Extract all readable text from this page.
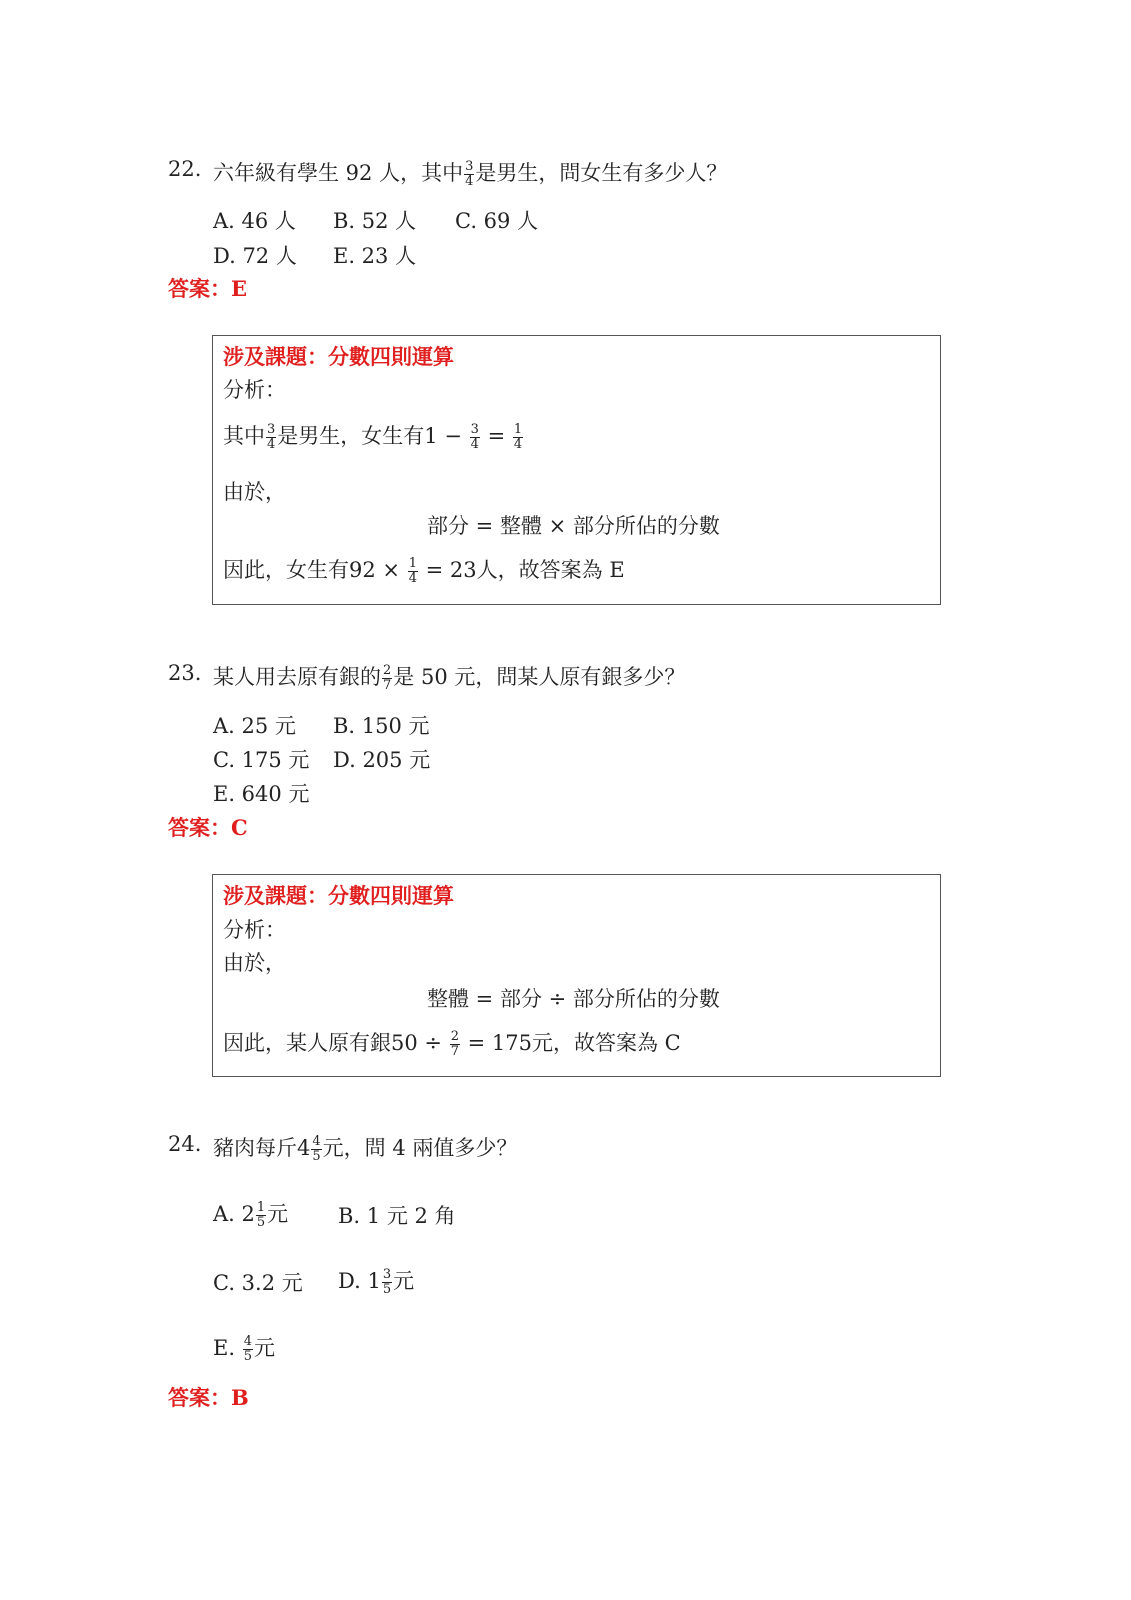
22. 六年級有學生 92 人，其中 $\frac{3}{4}$ 是男生，問女生有多少人？
A. 46 人 B. 52 人 C. 69 人
D. 72 人 E. 23 人
答案：E
涉及課題：分數四則運算
分析：
其中 $\frac{3}{4}$ 是男生，女生有$1 - \frac{3}{4} = \frac{1}{4}$
由於，
部分 = 整體 × 部分所佔的分數
因此，女生有$92 \times \frac{1}{4} = 23$人，故答案為 E
23. 某人用去原有銀的 $\frac{2}{7}$ 是 50 元，問某人原有銀多少？
A. 25 元 B. 150 元
C. 175 元 D. 205 元
E. 640 元
答案：C
涉及課題：分數四則運算
分析：
由於，
整體 = 部分 ÷ 部分所佔的分數
因此，某人原有銀$50 \div \frac{2}{7} = 175$元，故答案為 C
24. 豬肉每斤$4 \frac{4}{5}$ 元，問 4 兩值多少？
A. $2 \frac{1}{5}$ 元 B. 1 元 2 角
C. 3.2 元 D. $1 \frac{3}{5}$ 元
E. $\frac{4}{5}$ 元
答案：B
